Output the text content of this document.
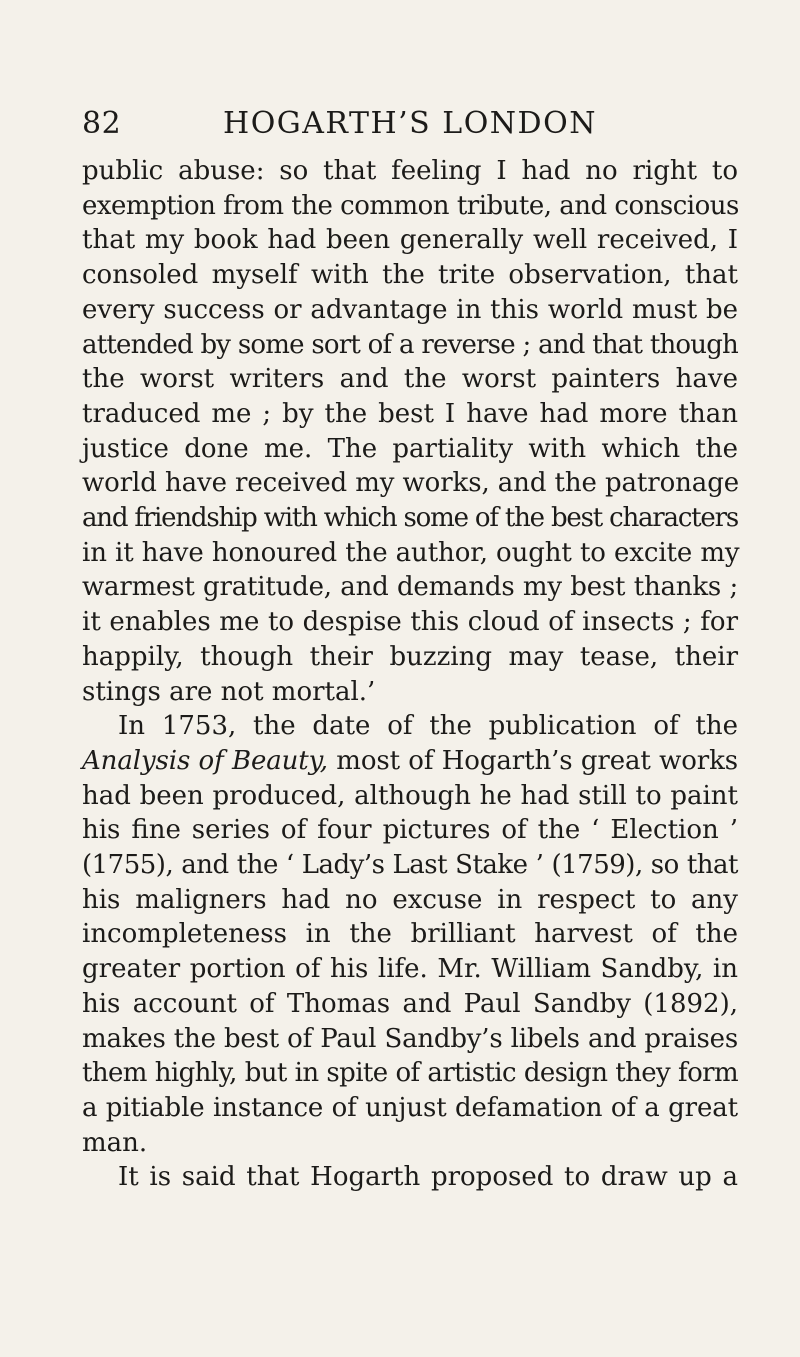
82	HOGARTH’S LONDON

public abuse: so that feeling I had no right to
exemption from the common tribute, and conscious
that my book had been generally well received, I
consoled myself with the trite observation, that
every success or advantage in this world must be
attended by some sort of a reverse ; and that though
the worst writers and the worst painters have
traduced me ; by the best I have had more than
justice done me. The partiality with which the
world have received my works, and the patronage
and friendship with which some of the best characters
in it have honoured the author, ought to excite my
warmest gratitude, and demands my best thanks ;
it enables me to despise this cloud of insects ; for
happily, though their buzzing may tease, their
stings are not mortal.’

In 1753, the date of the publication of the
Analysis of Beauty, most of Hogarth’s great works
had been produced, although he had still to paint
his fine series of four pictures of the ‘ Election ’
(1755), and the ‘ Lady’s Last Stake ’ (1759), so that
his maligners had no excuse in respect to any
incompleteness in the brilliant harvest of the
greater portion of his life. Mr. William Sandby, in
his account of Thomas and Paul Sandby (1892),
makes the best of Paul Sandby’s libels and praises
them highly, but in spite of artistic design they form
a pitiable instance of unjust defamation of a great
man.

It is said that Hogarth proposed to draw up a
